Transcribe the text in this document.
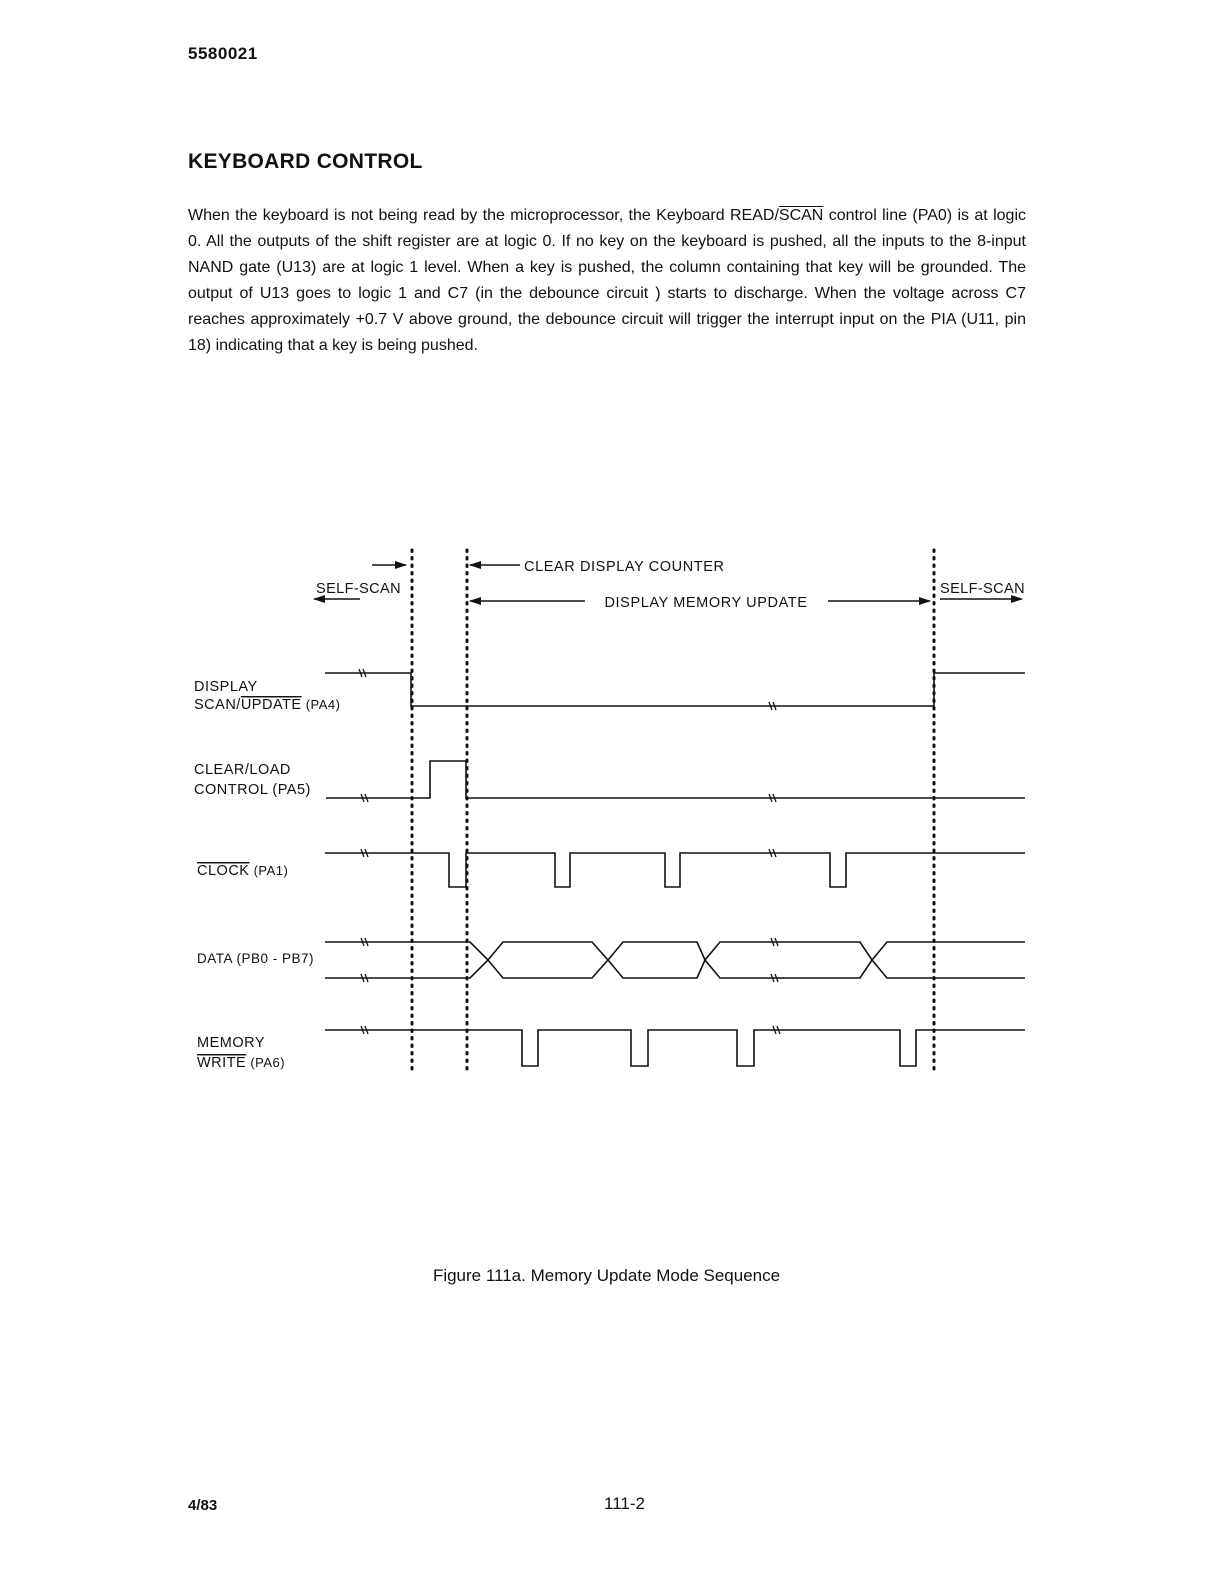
5580021
KEYBOARD CONTROL
When the keyboard is not being read by the microprocessor, the Keyboard READ/SCAN control line (PA0) is at logic 0. All the outputs of the shift register are at logic 0. If no key on the keyboard is pushed, all the inputs to the 8-input NAND gate (U13) are at logic 1 level. When a key is pushed, the column containing that key will be grounded. The output of U13 goes to logic 1 and C7 (in the debounce circuit ) starts to discharge. When the voltage across C7 reaches approximately +0.7 V above ground, the debounce circuit will trigger the interrupt input on the PIA (U11, pin 18) indicating that a key is being pushed.
CLEAR DISPLAY COUNTER
SELF-SCAN
DISPLAY MEMORY UPDATE
SELF-SCAN
DISPLAY
SCAN/UPDATE (PA4)
CLEAR/LOAD
CONTROL (PA5)
CLOCK (PA1)
DATA (PB0 - PB7)
MEMORY
WRITE (PA6)
Figure 111a. Memory Update Mode Sequence
4/83	111-2
